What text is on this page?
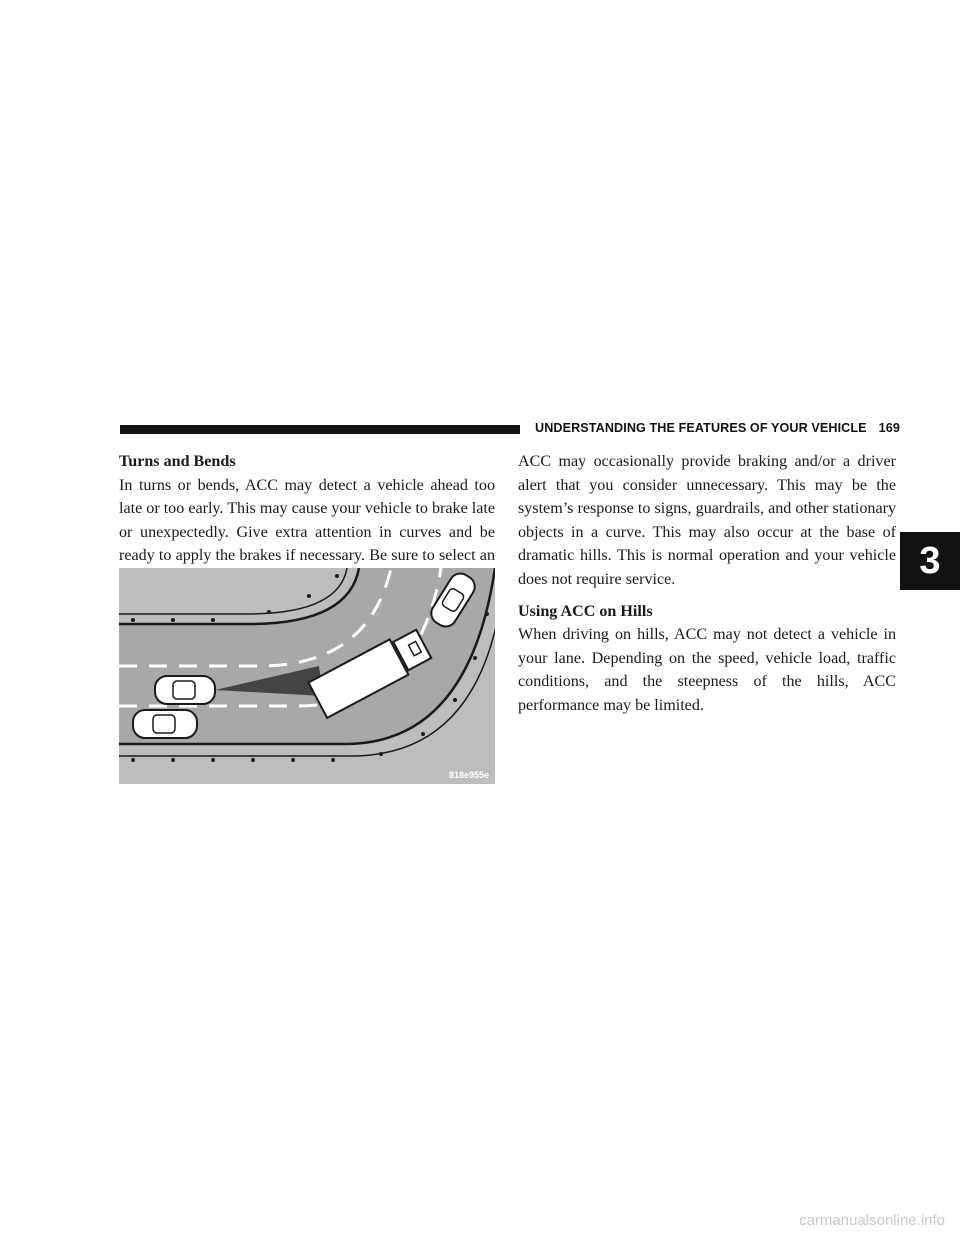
UNDERSTANDING THE FEATURES OF YOUR VEHICLE 169
3
Turns and Bends

In turns or bends, ACC may detect a vehicle ahead too late or too early. This may cause your vehicle to brake late or unexpectedly. Give extra attention in curves and be ready to apply the brakes if necessary. Be sure to select an

818e955e

ACC may occasionally provide braking and/or a driver alert that you consider unnecessary. This may be the system’s response to signs, guardrails, and other stationary objects in a curve. This may also occur at the base of dramatic hills. This is normal operation and your vehicle does not require service.

Using ACC on Hills

When driving on hills, ACC may not detect a vehicle in your lane. Depending on the speed, vehicle load, traffic conditions, and the steepness of the hills, ACC performance may be limited.

carmanualsonline.info
